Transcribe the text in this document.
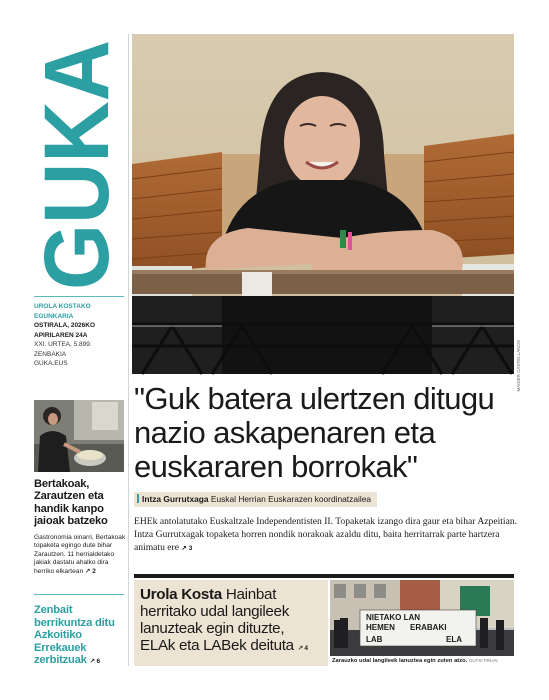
GUKA
UROLA KOSTAKO
EGUNKARIA
OSTIRALA, 2026KO
APIRILAREN 24A
XXI. URTEA, 5.899. ZENBAKIA
GUKA.EUS
Bertakoak, Zarautzen eta handik kanpo jaioak batzeko

Gastronomia oinarri, Bertakoak topaketa egingo dute bihar Zarautzen. 11 herrialdetako jakiak dastatu ahalko dira herriko elkartean ↗ 2

Zenbait berrikuntza ditu Azkoitiko Errekauek zerbitzuak ↗ 6
MAIDER CASTELLANOS
"Guk batera ulertzen ditugu nazio askapenaren eta euskararen borrokak"
Intza Gurrutxaga Euskal Herrian Euskarazen koordinatzailea

EHEk antolatutako Euskaltzale Independentisten II. Topaketak izango dira gaur eta bihar Azpeitian. Intza Gurrutxagak topaketa horren nondik norakoak azaldu ditu, baita herritarrak parte hartzera animatu ere ↗ 3

Urola Kosta Hainbat herritako udal langileek lanuzteak egin dituzte, ELAk eta LABek deituta ↗ 4
NIETAKO LAN
HEMEN ERABAKI
LAB	ELA
Zarauzko udal langileek lanuztea egin zuten atzo. GUTXI PIÑAN
